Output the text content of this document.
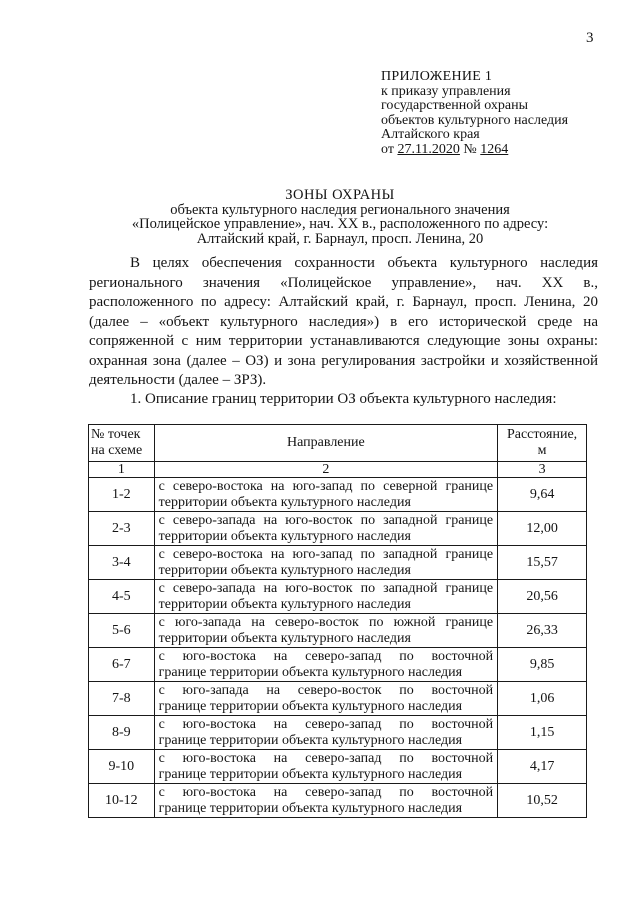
3
ПРИЛОЖЕНИЕ 1
к приказу управления
государственной охраны
объектов культурного наследия
Алтайского края
от 27.11.2020 № 1264
ЗОНЫ ОХРАНЫ
объекта культурного наследия регионального значения
«Полицейское управление», нач. XX в., расположенного по адресу:
Алтайский край, г. Барнаул, просп. Ленина, 20

В целях обеспечения сохранности объекта культурного наследия регионального значения «Полицейское управление», нач. XX в., расположенного по адресу: Алтайский край, г. Барнаул, просп. Ленина, 20 (далее – «объект культурного наследия») в его исторической среде на сопряженной с ним территории устанавливаются следующие зоны охраны: охранная зона (далее – ОЗ) и зона регулирования застройки и хозяйственной деятельности (далее – ЗРЗ).

1. Описание границ территории ОЗ объекта культурного наследия:
№ точек
на схеме	Направление	Расстояние,
м
1	2	3
1-2	с северо-востока на юго-запад по северной границе
территории объекта культурного наследия	9,64
2-3	с северо-запада на юго-восток по западной границе
территории объекта культурного наследия	12,00
3-4	с северо-востока на юго-запад по западной границе
территории объекта культурного наследия	15,57
4-5	с северо-запада на юго-восток по западной границе
территории объекта культурного наследия	20,56
5-6	с юго-запада на северо-восток по южной границе
территории объекта культурного наследия	26,33
6-7	с юго-востока на северо-запад по восточной
границе территории объекта культурного наследия	9,85
7-8	с юго-запада на северо-восток по восточной
границе территории объекта культурного наследия	1,06
8-9	с юго-востока на северо-запад по восточной
границе территории объекта культурного наследия	1,15
9-10	с юго-востока на северо-запад по восточной
границе территории объекта культурного наследия	4,17
10-12	с юго-востока на северо-запад по восточной
границе территории объекта культурного наследия	10,52
